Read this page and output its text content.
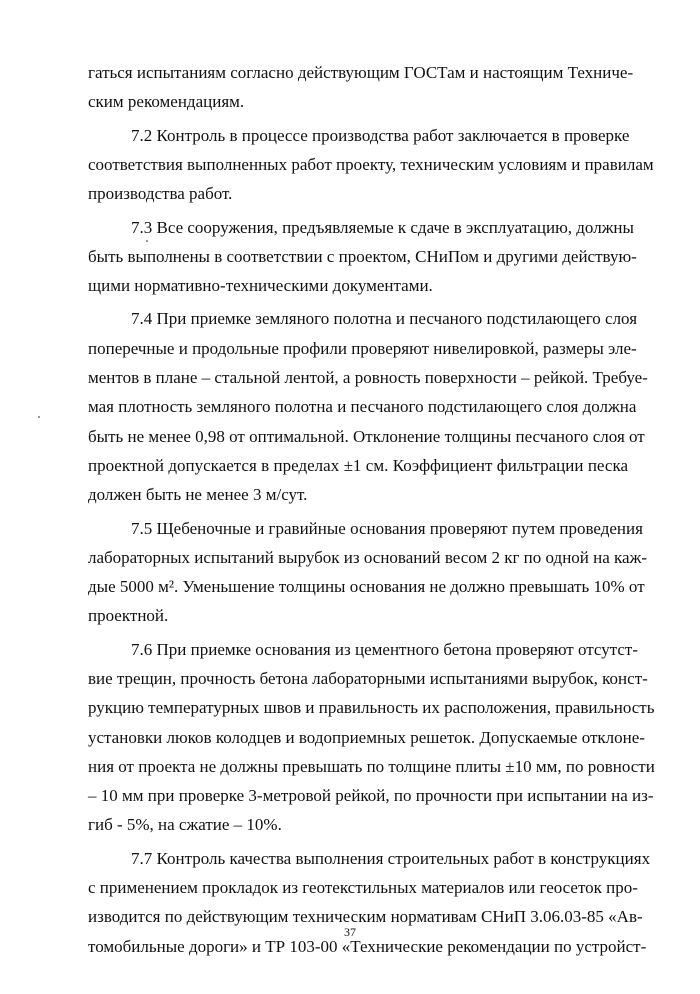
гаться испытаниям согласно действующим ГОСТам и настоящим Техниче-
ским рекомендациям.
7.2 Контроль в процессе производства работ заключается в проверке
соответствия выполненных работ проекту, техническим условиям и правилам
производства работ.
7.3 Все сооружения, предъявляемые к сдаче в эксплуатацию, должны
быть выполнены в соответствии с проектом, СНиПом и другими действую-
щими нормативно-техническими документами.
7.4 При приемке земляного полотна и песчаного подстилающего слоя
поперечные и продольные профили проверяют нивелировкой, размеры эле-
ментов в плане – стальной лентой, а ровность поверхности – рейкой. Требуе-
мая плотность земляного полотна и песчаного подстилающего слоя должна
быть не менее 0,98 от оптимальной. Отклонение толщины песчаного слоя от
проектной допускается в пределах ±1 см. Коэффициент фильтрации песка
должен быть не менее 3 м/сут.
7.5 Щебеночные и гравийные основания проверяют путем проведения
лабораторных испытаний вырубок из оснований весом 2 кг по одной на каж-
дые 5000 м². Уменьшение толщины основания не должно превышать 10% от
проектной.
7.6 При приемке основания из цементного бетона проверяют отсутст-
вие трещин, прочность бетона лабораторными испытаниями вырубок, конст-
рукцию температурных швов и правильность их расположения, правильность
установки люков колодцев и водоприемных решеток. Допускаемые отклоне-
ния от проекта не должны превышать по толщине плиты ±10 мм, по ровности
– 10 мм при проверке 3-метровой рейкой, по прочности при испытании на из-
гиб - 5%, на сжатие – 10%.
7.7 Контроль качества выполнения строительных работ в конструкциях
с применением прокладок из геотекстильных материалов или геосеток про-
изводится по действующим техническим нормативам СНиП 3.06.03-85 «Ав-
томобильные дороги» и ТР 103-00 «Технические рекомендации по устройст-
37
